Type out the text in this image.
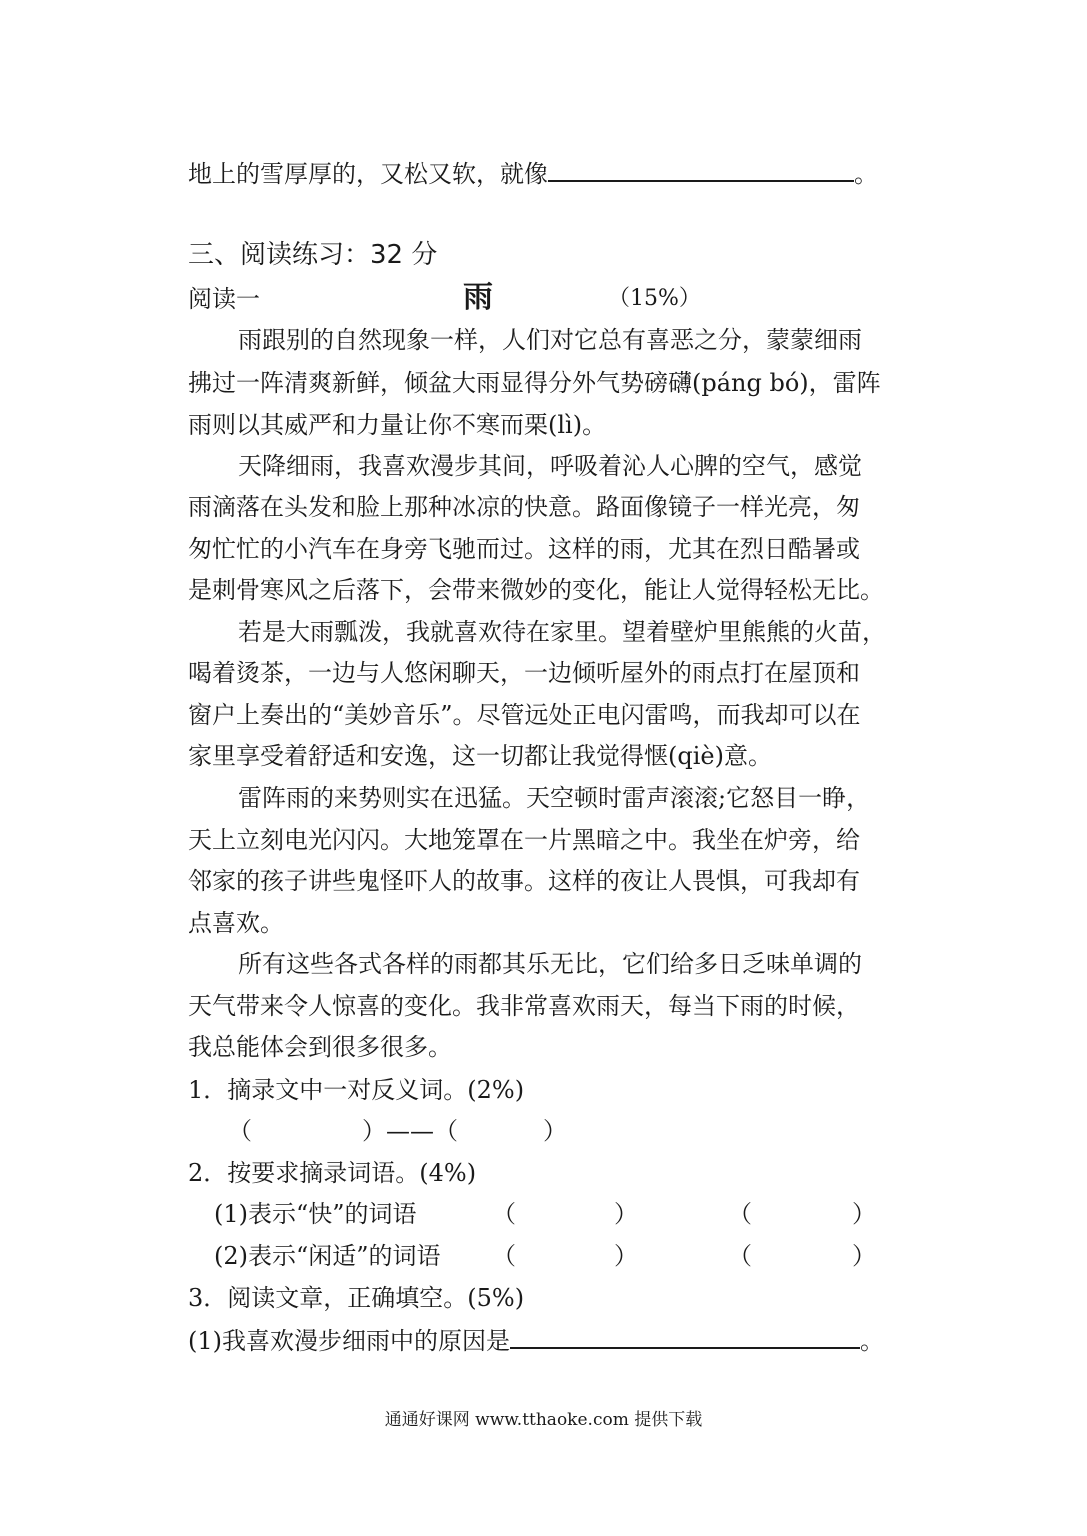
地上的雪厚厚的，又松又软，就像	。
三、阅读练习：32 分
阅读一	雨	（15%）
雨跟别的自然现象一样，人们对它总有喜恶之分，蒙蒙细雨
拂过一阵清爽新鲜，倾盆大雨显得分外气势磅礴(páng bó)，雷阵
雨则以其威严和力量让你不寒而栗(lì)。
天降细雨，我喜欢漫步其间，呼吸着沁人心脾的空气，感觉
雨滴落在头发和脸上那种冰凉的快意。路面像镜子一样光亮，匆
匆忙忙的小汽车在身旁飞驰而过。这样的雨，尤其在烈日酷暑或
是刺骨寒风之后落下，会带来微妙的变化，能让人觉得轻松无比。
若是大雨瓢泼，我就喜欢待在家里。望着壁炉里熊熊的火苗，
喝着烫茶，一边与人悠闲聊天，一边倾听屋外的雨点打在屋顶和
窗户上奏出的“美妙音乐”。尽管远处正电闪雷鸣，而我却可以在
家里享受着舒适和安逸，这一切都让我觉得惬(qiè)意。
雷阵雨的来势则实在迅猛。天空顿时雷声滚滚;它怒目一睁，
天上立刻电光闪闪。大地笼罩在一片黑暗之中。我坐在炉旁，给
邻家的孩子讲些鬼怪吓人的故事。这样的夜让人畏惧，可我却有
点喜欢。
所有这些各式各样的雨都其乐无比，它们给多日乏味单调的
天气带来令人惊喜的变化。我非常喜欢雨天，每当下雨的时候，
我总能体会到很多很多。
1．摘录文中一对反义词。(2%)
（	）——（	）
2．按要求摘录词语。(4%)
(1)表示“快”的词语	（	）	（	）
(2)表示“闲适”的词语 （	）	（	）
3．阅读文章，正确填空。(5%)
(1)我喜欢漫步细雨中的原因是	。
通通好课网 www.tthaoke.com 提供下载
